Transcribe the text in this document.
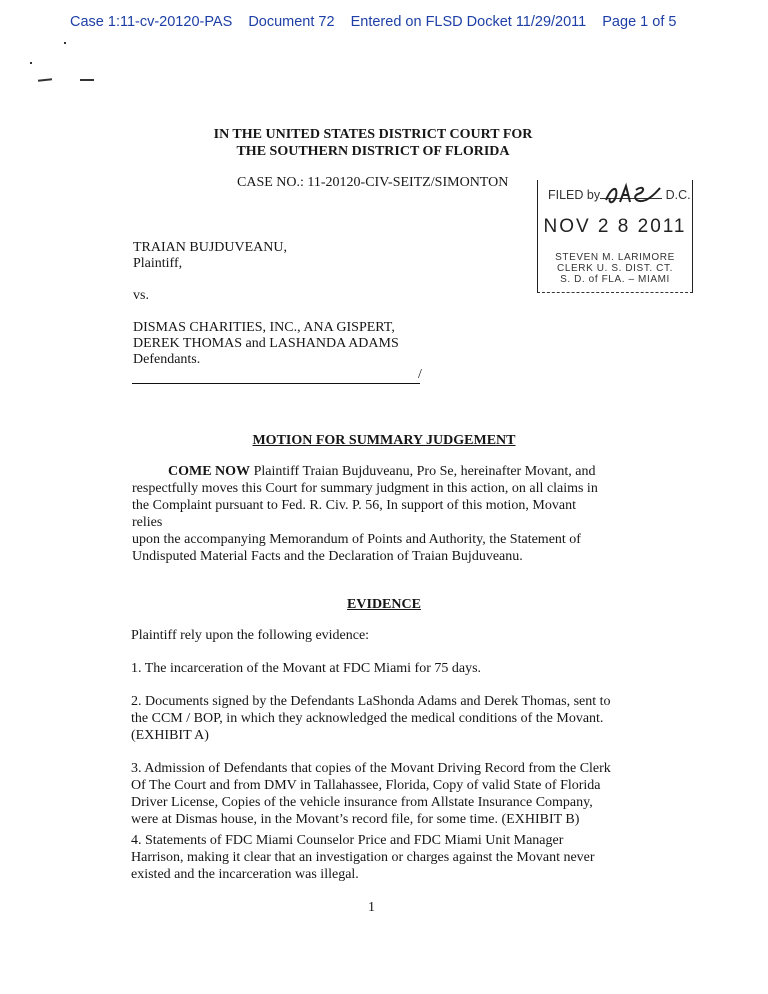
Case 1:11-cv-20120-PAS Document 72 Entered on FLSD Docket 11/29/2011 Page 1 of 5
IN THE UNITED STATES DISTRICT COURT FOR
THE SOUTHERN DISTRICT OF FLORIDA
CASE NO.: 11-20120-CIV-SEITZ/SIMONTON
FILED by	D.C.
NOV 2 8 2011
STEVEN M. LARIMORE
CLERK U. S. DIST. CT.
S. D. of FLA. – MIAMI
TRAIAN BUJDUVEANU,
Plaintiff,
vs.
DISMAS CHARITIES, INC., ANA GISPERT,
DEREK THOMAS and LASHANDA ADAMS
Defendants.
/
MOTION FOR SUMMARY JUDGEMENT
COME NOW Plaintiff Traian Bujduveanu, Pro Se, hereinafter Movant, and
respectfully moves this Court for summary judgment in this action, on all claims in
the Complaint pursuant to Fed. R. Civ. P. 56, In support of this motion, Movant relies
upon the accompanying Memorandum of Points and Authority, the Statement of
Undisputed Material Facts and the Declaration of Traian Bujduveanu.
EVIDENCE
Plaintiff rely upon the following evidence:
1. The incarceration of the Movant at FDC Miami for 75 days.
2. Documents signed by the Defendants LaShonda Adams and Derek Thomas, sent to
the CCM / BOP, in which they acknowledged the medical conditions of the Movant.
(EXHIBIT A)
3. Admission of Defendants that copies of the Movant Driving Record from the Clerk
Of The Court and from DMV in Tallahassee, Florida, Copy of valid State of Florida
Driver License, Copies of the vehicle insurance from Allstate Insurance Company,
were at Dismas house, in the Movant’s record file, for some time. (EXHIBIT B)
4. Statements of FDC Miami Counselor Price and FDC Miami Unit Manager
Harrison, making it clear that an investigation or charges against the Movant never
existed and the incarceration was illegal.
1
